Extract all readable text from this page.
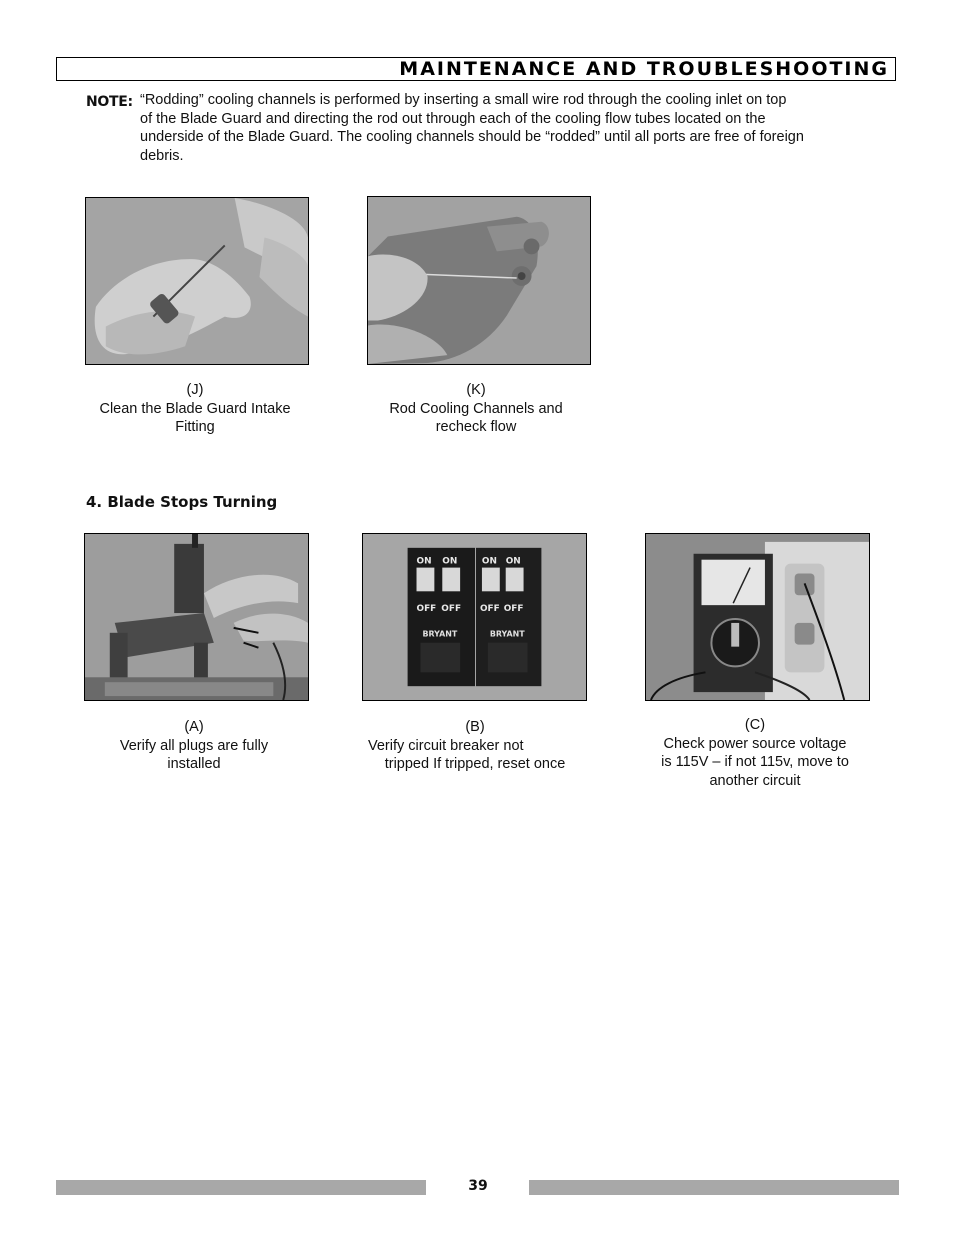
MAINTENANCE AND TROUBLESHOOTING
NOTE: “Rodding” cooling channels is performed by inserting a small wire rod through the cooling inlet on top
of the Blade Guard and directing the rod out through each of the cooling flow tubes located on the
underside of the Blade Guard. The cooling channels should be “rodded” until all ports are free of foreign
debris.
(J)
Clean the Blade Guard Intake
Fitting
(K)
Rod Cooling Channels and
recheck flow
4. Blade Stops Turning
ON ON	ON ON
OFF OFF OFF OFF
BRYANT	BRYANT
(A)
Verify all plugs are fully
installed
(B)
Verify circuit breaker not
tripped If tripped, reset once
(C)
Check power source voltage
is 115V – if not 115v, move to
another circuit
39
